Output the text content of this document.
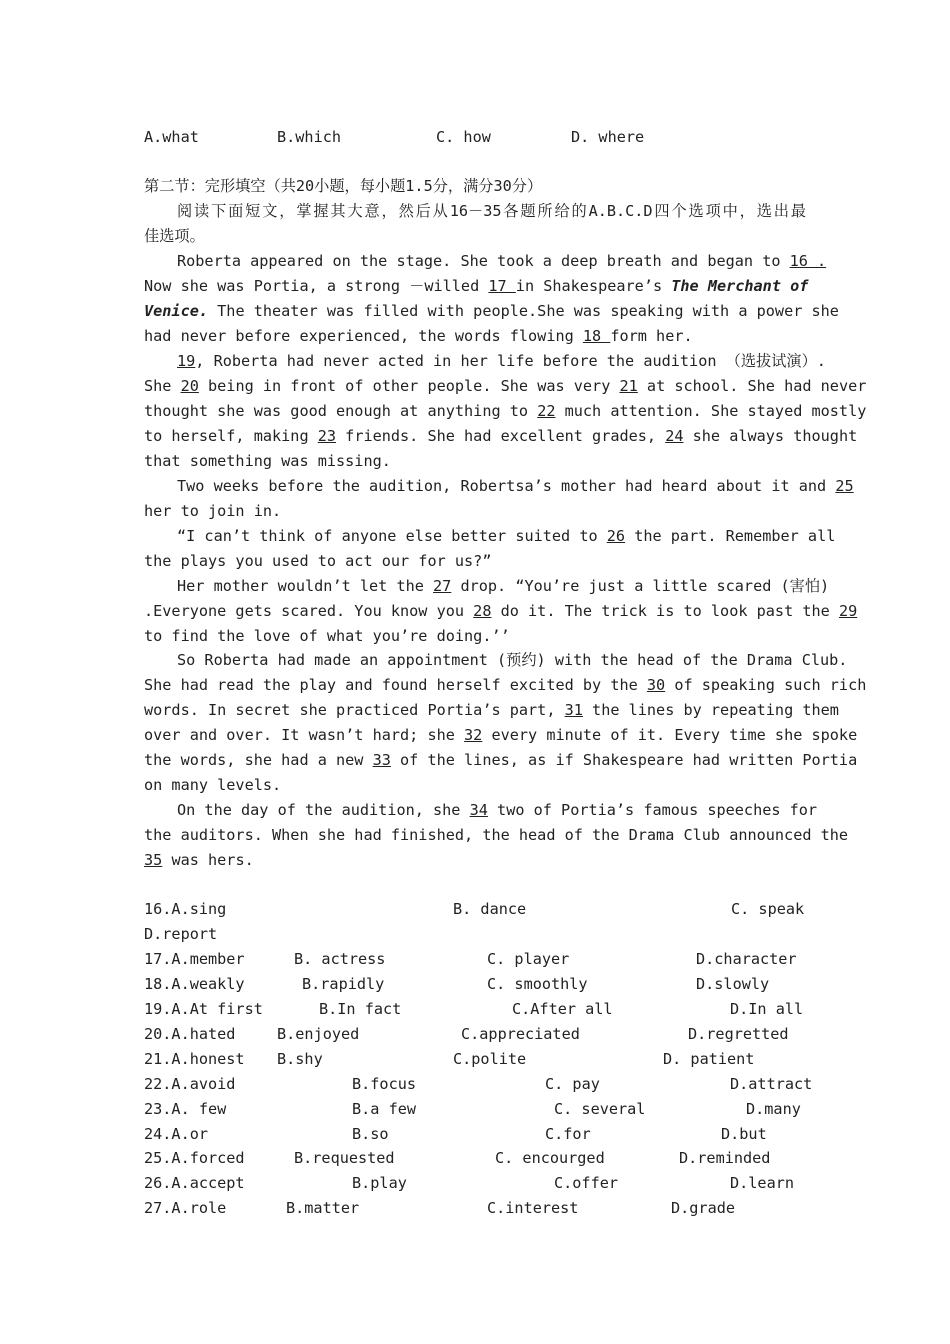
A.what	B.which	C. how	D. where
第二节：完形填空（共20小题，每小题1.5分，满分30分）
阅读下面短文，掌握其大意，然后从16－35各题所给的A.B.C.D四个选项中，选出最
佳选项。
Roberta appeared on the stage. She took a deep breath and began to 16 .
Now she was Portia, a strong －willed 17 in Shakespeare’s The Merchant of
Venice. The theater was filled with people.She was speaking with a power she
had never before experienced, the words flowing 18 form her.
19, Roberta had never acted in her life before the audition （选拔试演）.
She 20 being in front of other people. She was very 21 at school. She had never
thought she was good enough at anything to 22 much attention. She stayed mostly
to herself, making 23 friends. She had excellent grades, 24 she always thought
that something was missing.
Two weeks before the audition, Robertsa’s mother had heard about it and 25
her to join in.
“I can’t think of anyone else better suited to 26 the part. Remember all
the plays you used to act our for us?”
Her mother wouldn’t let the 27 drop. “You’re just a little scared (害怕)
.Everyone gets scared. You know you 28 do it. The trick is to look past the 29
to find the love of what you’re doing.’’
So Roberta had made an appointment (预约) with the head of the Drama Club.
She had read the play and found herself excited by the 30 of speaking such rich
words. In secret she practiced Portia’s part, 31 the lines by repeating them
over and over. It wasn’t hard; she 32 every minute of it. Every time she spoke
the words, she had a new 33 of the lines, as if Shakespeare had written Portia
on many levels.
On the day of the audition, she 34 two of Portia’s famous speeches for
the auditors. When she had finished, the head of the Drama Club announced the
35 was hers.
16.A.sing	B. dance	C. speak
D.report
17.A.member	B. actress	C. player	D.character
18.A.weakly	B.rapidly	C. smoothly	D.slowly
19.A.At first	B.In fact	C.After all	D.In all
20.A.hated	B.enjoyed	C.appreciated	D.regretted
21.A.honest B.shy	C.polite	D. patient
22.A.avoid	B.focus	C. pay	D.attract
23.A. few	B.a few	C. several	D.many
24.A.or	B.so	C.for	D.but
25.A.forced	B.requested	C. encourged	D.reminded
26.A.accept	B.play	C.offer	D.learn
27.A.role	B.matter	C.interest	D.grade
